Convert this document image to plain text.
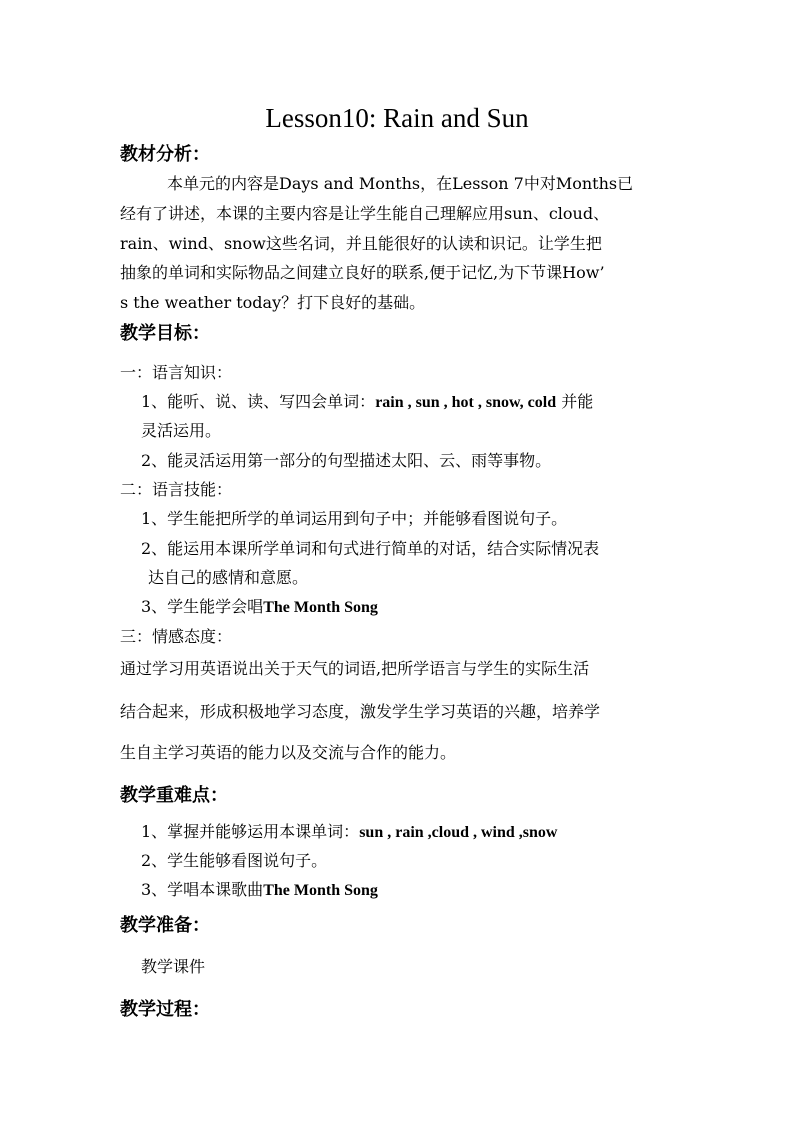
Lesson10: Rain and Sun
教材分析：
本单元的内容是Days and Months，在Lesson 7中对Months已
经有了讲述，本课的主要内容是让学生能自己理解应用sun、cloud、
rain、wind、snow这些名词，并且能很好的认读和识记。让学生把
抽象的单词和实际物品之间建立良好的联系,便于记忆,为下节课How’
s the weather today？打下良好的基础。
教学目标：
一：语言知识：
1、能听、说、读、写四会单词：rain , sun , hot , snow, cold 并能
灵活运用。
2、能灵活运用第一部分的句型描述太阳、云、雨等事物。
二：语言技能：
1、学生能把所学的单词运用到句子中；并能够看图说句子。
2、能运用本课所学单词和句式进行简单的对话，结合实际情况表
达自己的感情和意愿。
3、学生能学会唱The Month Song
三：情感态度：
通过学习用英语说出关于天气的词语,把所学语言与学生的实际生活
结合起来，形成积极地学习态度，激发学生学习英语的兴趣，培养学
生自主学习英语的能力以及交流与合作的能力。
教学重难点：
1、掌握并能够运用本课单词：sun , rain ,cloud , wind ,snow
2、学生能够看图说句子。
3、学唱本课歌曲The Month Song
教学准备：
教学课件
教学过程：
